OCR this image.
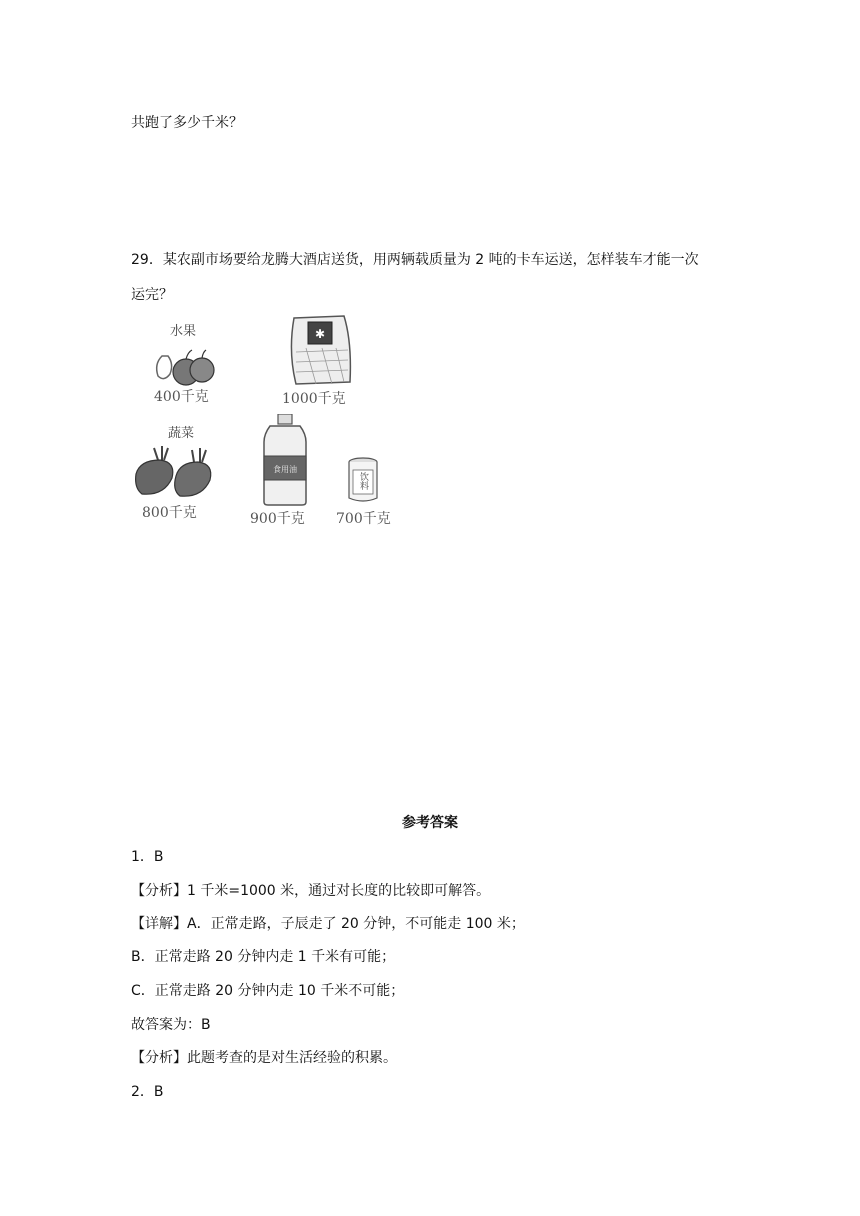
共跑了多少千米？
29．某农副市场要给龙腾大酒店送货，用两辆载质量为 2 吨的卡车运送，怎样装车才能一次
运完？
水果
400千克
✱
1000千克
蔬菜
800千克
食用油
900千克
饮料
700千克
参考答案
1．B
【分析】1 千米=1000 米，通过对长度的比较即可解答。
【详解】A．正常走路，子辰走了 20 分钟，不可能走 100 米；
B．正常走路 20 分钟内走 1 千米有可能；
C．正常走路 20 分钟内走 10 千米不可能；
故答案为：B
【分析】此题考查的是对生活经验的积累。
2．B
